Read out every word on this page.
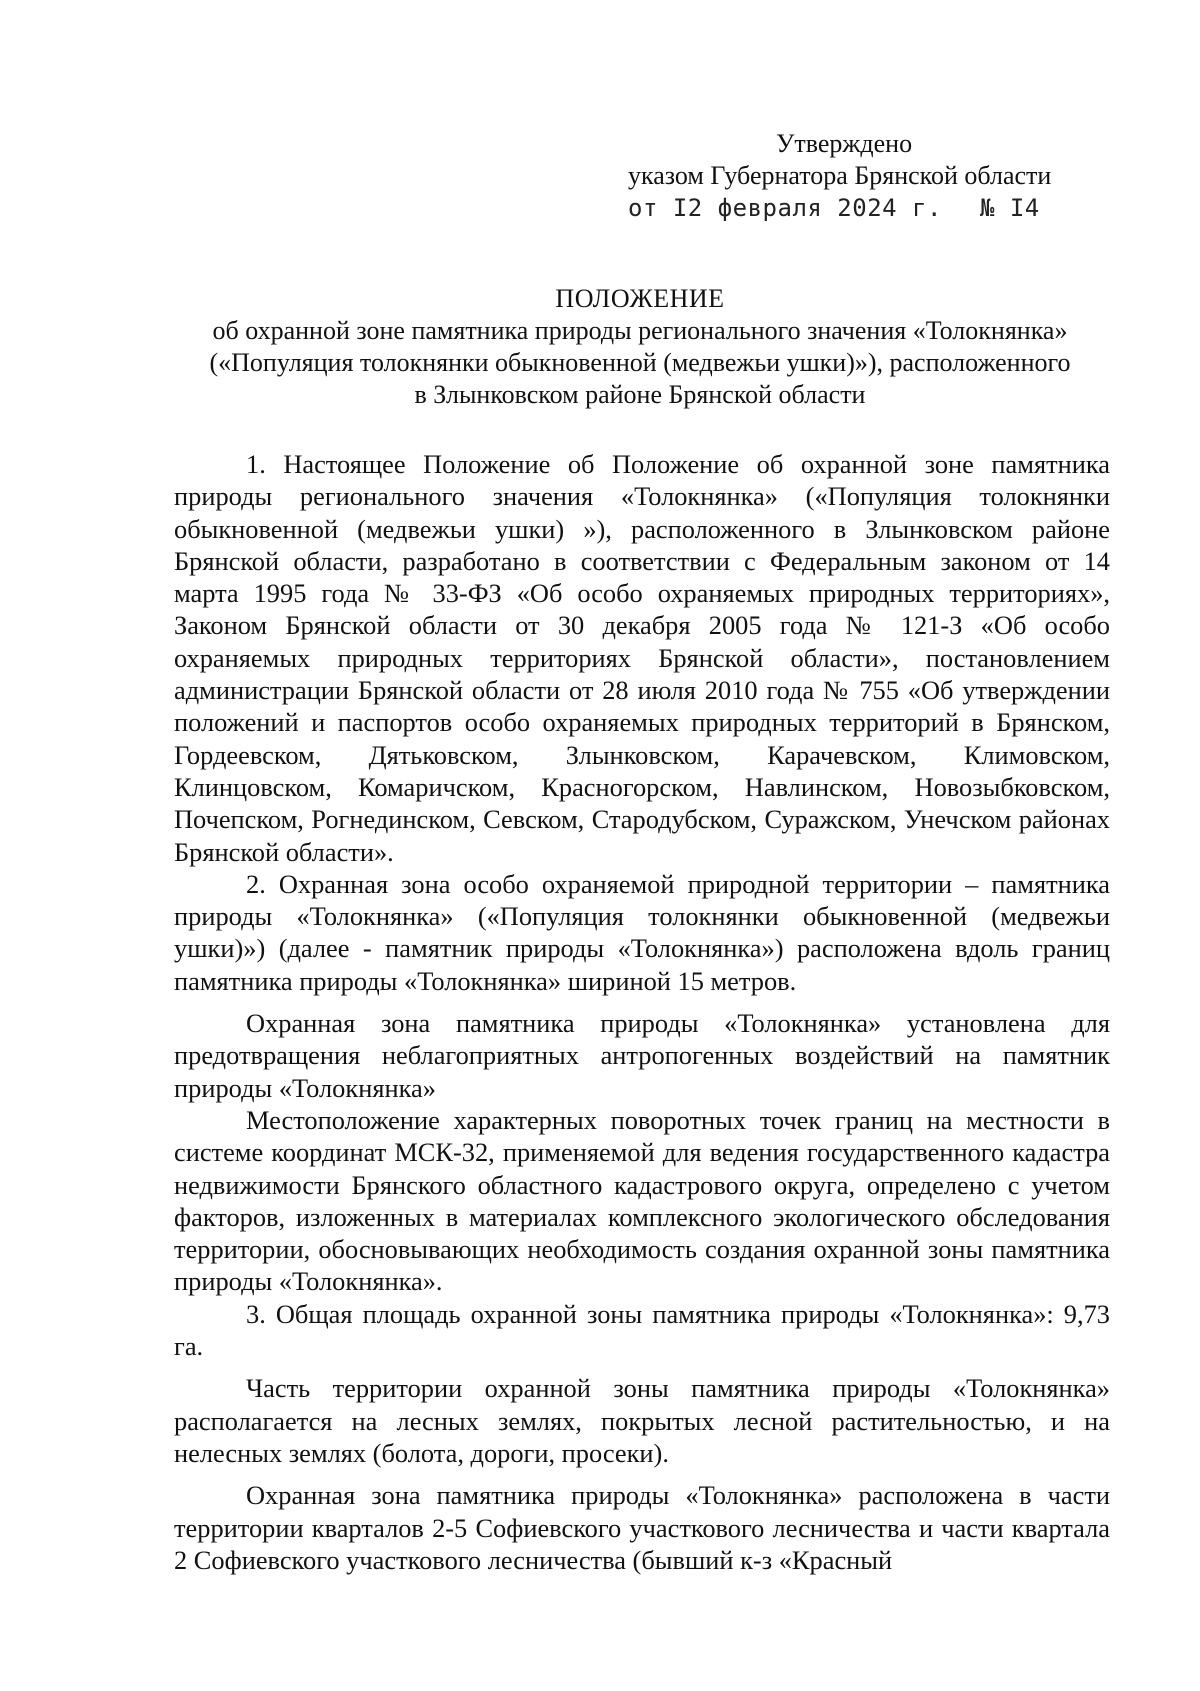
Утверждено
указом Губернатора Брянской области
от I2 февраля 2024 г. № I4
ПОЛОЖЕНИЕ
об охранной зоне памятника природы регионального значения «Толокнянка»
(«Популяция толокнянки обыкновенной (медвежьи ушки)»), расположенного
в Злынковском районе Брянской области

1. Настоящее Положение об Положение об охранной зоне памятника природы регионального значения «Толокнянка» («Популяция толокнянки обыкновенной (медвежьи ушки) »), расположенного в Злынковском районе Брянской области, разработано в соответствии с Федеральным законом от 14 марта 1995 года № 33-ФЗ «Об особо охраняемых природных территориях», Законом Брянской области от 30 декабря 2005 года № 121-З «Об особо охраняемых природных территориях Брянской области», постановлением администрации Брянской области от 28 июля 2010 года № 755 «Об утверждении положений и паспортов особо охраняемых природных территорий в Брянском, Гордеевском, Дятьковском, Злынковском, Карачевском, Климовском, Клинцовском, Комаричском, Красногорском, Навлинском, Новозыбковском, Почепском, Рогнединском, Севском, Стародубском, Суражском, Унечском районах Брянской области».

2. Охранная зона особо охраняемой природной территории – памятника природы «Толокнянка» («Популяция толокнянки обыкновенной (медвежьи ушки)») (далее - памятник природы «Толокнянка») расположена вдоль границ памятника природы «Толокнянка» шириной 15 метров.

Охранная зона памятника природы «Толокнянка» установлена для предотвращения неблагоприятных антропогенных воздействий на памятник природы «Толокнянка»

Местоположение характерных поворотных точек границ на местности в системе координат МСК-32, применяемой для ведения государственного кадастра недвижимости Брянского областного кадастрового округа, определено с учетом факторов, изложенных в материалах комплексного экологического обследования территории, обосновывающих необходимость создания охранной зоны памятника природы «Толокнянка».

3. Общая площадь охранной зоны памятника природы «Толокнянка»: 9,73 га.

Часть территории охранной зоны памятника природы «Толокнянка» располагается на лесных землях, покрытых лесной растительностью, и на нелесных землях (болота, дороги, просеки).

Охранная зона памятника природы «Толокнянка» расположена в части территории кварталов 2-5 Софиевского участкового лесничества и части квартала 2 Софиевского участкового лесничества (бывший к-з «Красный
